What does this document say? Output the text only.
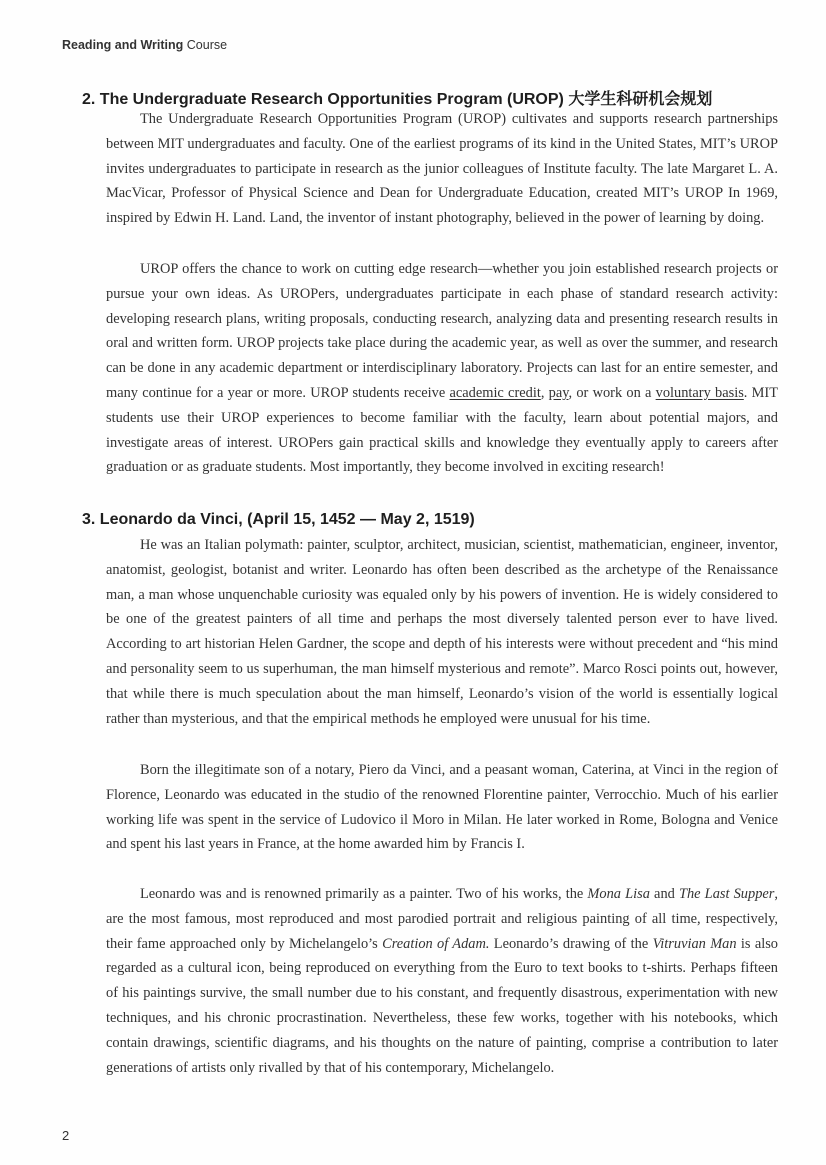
Reading and Writing Course
2. The Undergraduate Research Opportunities Program (UROP) 大学生科研机会规划

The Undergraduate Research Opportunities Program (UROP) cultivates and supports research partnerships between MIT undergraduates and faculty. One of the earliest programs of its kind in the United States, MIT’s UROP invites undergraduates to participate in research as the junior colleagues of Institute faculty. The late Margaret L. A. MacVicar, Professor of Physical Science and Dean for Undergraduate Education, created MIT’s UROP In 1969, inspired by Edwin H. Land. Land, the inventor of instant photography, believed in the power of learning by doing.

UROP offers the chance to work on cutting edge research—whether you join established research projects or pursue your own ideas. As UROPers, undergraduates participate in each phase of standard research activity: developing research plans, writing proposals, conducting research, analyzing data and presenting research results in oral and written form. UROP projects take place during the academic year, as well as over the summer, and research can be done in any academic department or interdisciplinary laboratory. Projects can last for an entire semester, and many continue for a year or more. UROP students receive academic credit, pay, or work on a voluntary basis. MIT students use their UROP experiences to become familiar with the faculty, learn about potential majors, and investigate areas of interest. UROPers gain practical skills and knowledge they eventually apply to careers after graduation or as graduate students. Most importantly, they become involved in exciting research!

3. Leonardo da Vinci, (April 15, 1452 — May 2, 1519)

He was an Italian polymath: painter, sculptor, architect, musician, scientist, mathematician, engineer, inventor, anatomist, geologist, botanist and writer. Leonardo has often been described as the archetype of the Renaissance man, a man whose unquenchable curiosity was equaled only by his powers of invention. He is widely considered to be one of the greatest painters of all time and perhaps the most diversely talented person ever to have lived. According to art historian Helen Gardner, the scope and depth of his interests were without precedent and “his mind and personality seem to us superhuman, the man himself mysterious and remote”. Marco Rosci points out, however, that while there is much speculation about the man himself, Leonardo’s vision of the world is essentially logical rather than mysterious, and that the empirical methods he employed were unusual for his time.

Born the illegitimate son of a notary, Piero da Vinci, and a peasant woman, Caterina, at Vinci in the region of Florence, Leonardo was educated in the studio of the renowned Florentine painter, Verrocchio. Much of his earlier working life was spent in the service of Ludovico il Moro in Milan. He later worked in Rome, Bologna and Venice and spent his last years in France, at the home awarded him by Francis I.

Leonardo was and is renowned primarily as a painter. Two of his works, the Mona Lisa and The Last Supper, are the most famous, most reproduced and most parodied portrait and religious painting of all time, respectively, their fame approached only by Michelangelo’s Creation of Adam. Leonardo’s drawing of the Vitruvian Man is also regarded as a cultural icon, being reproduced on everything from the Euro to text books to t-shirts. Perhaps fifteen of his paintings survive, the small number due to his constant, and frequently disastrous, experimentation with new techniques, and his chronic procrastination. Nevertheless, these few works, together with his notebooks, which contain drawings, scientific diagrams, and his thoughts on the nature of painting, comprise a contribution to later generations of artists only rivalled by that of his contemporary, Michelangelo.

2
